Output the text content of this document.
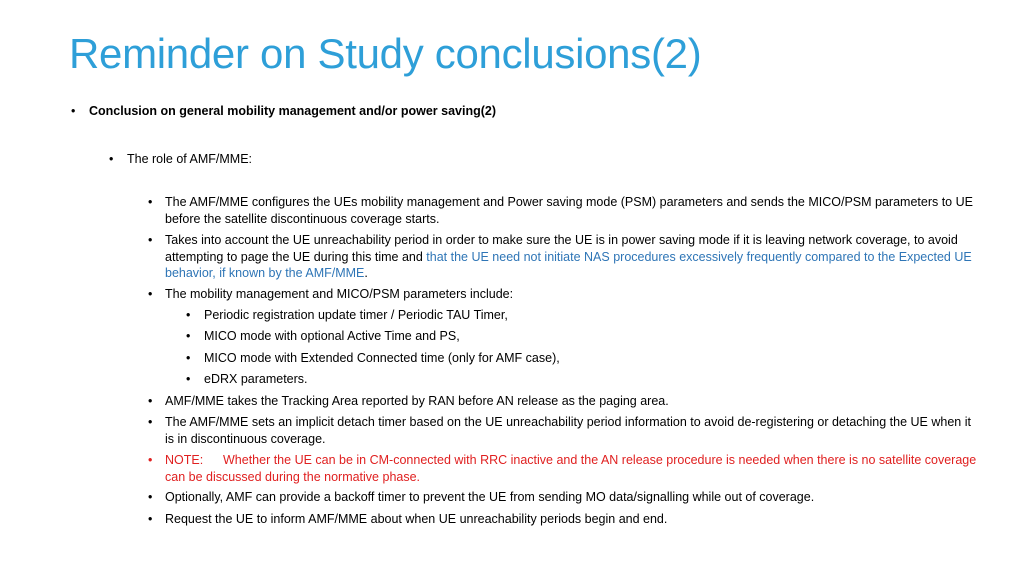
Reminder on Study conclusions(2)
• Conclusion on general mobility management and/or power saving(2)
• The role of AMF/MME:
• The AMF/MME configures the UEs mobility management and Power saving mode (PSM) parameters and sends the MICO/PSM parameters to UE before the satellite discontinuous coverage starts.
• Takes into account the UE unreachability period in order to make sure the UE is in power saving mode if it is leaving network coverage, to avoid attempting to page the UE during this time and that the UE need not initiate NAS procedures excessively frequently compared to the Expected UE behavior, if known by the AMF/MME.
• The mobility management and MICO/PSM parameters include:
• Periodic registration update timer / Periodic TAU Timer,
• MICO mode with optional Active Time and PS,
• MICO mode with Extended Connected time (only for AMF case),
• eDRX parameters.
• AMF/MME takes the Tracking Area reported by RAN before AN release as the paging area.
• The AMF/MME sets an implicit detach timer based on the UE unreachability period information to avoid de-registering or detaching the UE when it is in discontinuous coverage.
• NOTE: Whether the UE can be in CM-connected with RRC inactive and the AN release procedure is needed when there is no satellite coverage can be discussed during the normative phase.
• Optionally, AMF can provide a backoff timer to prevent the UE from sending MO data/signalling while out of coverage.
• Request the UE to inform AMF/MME about when UE unreachability periods begin and end.
